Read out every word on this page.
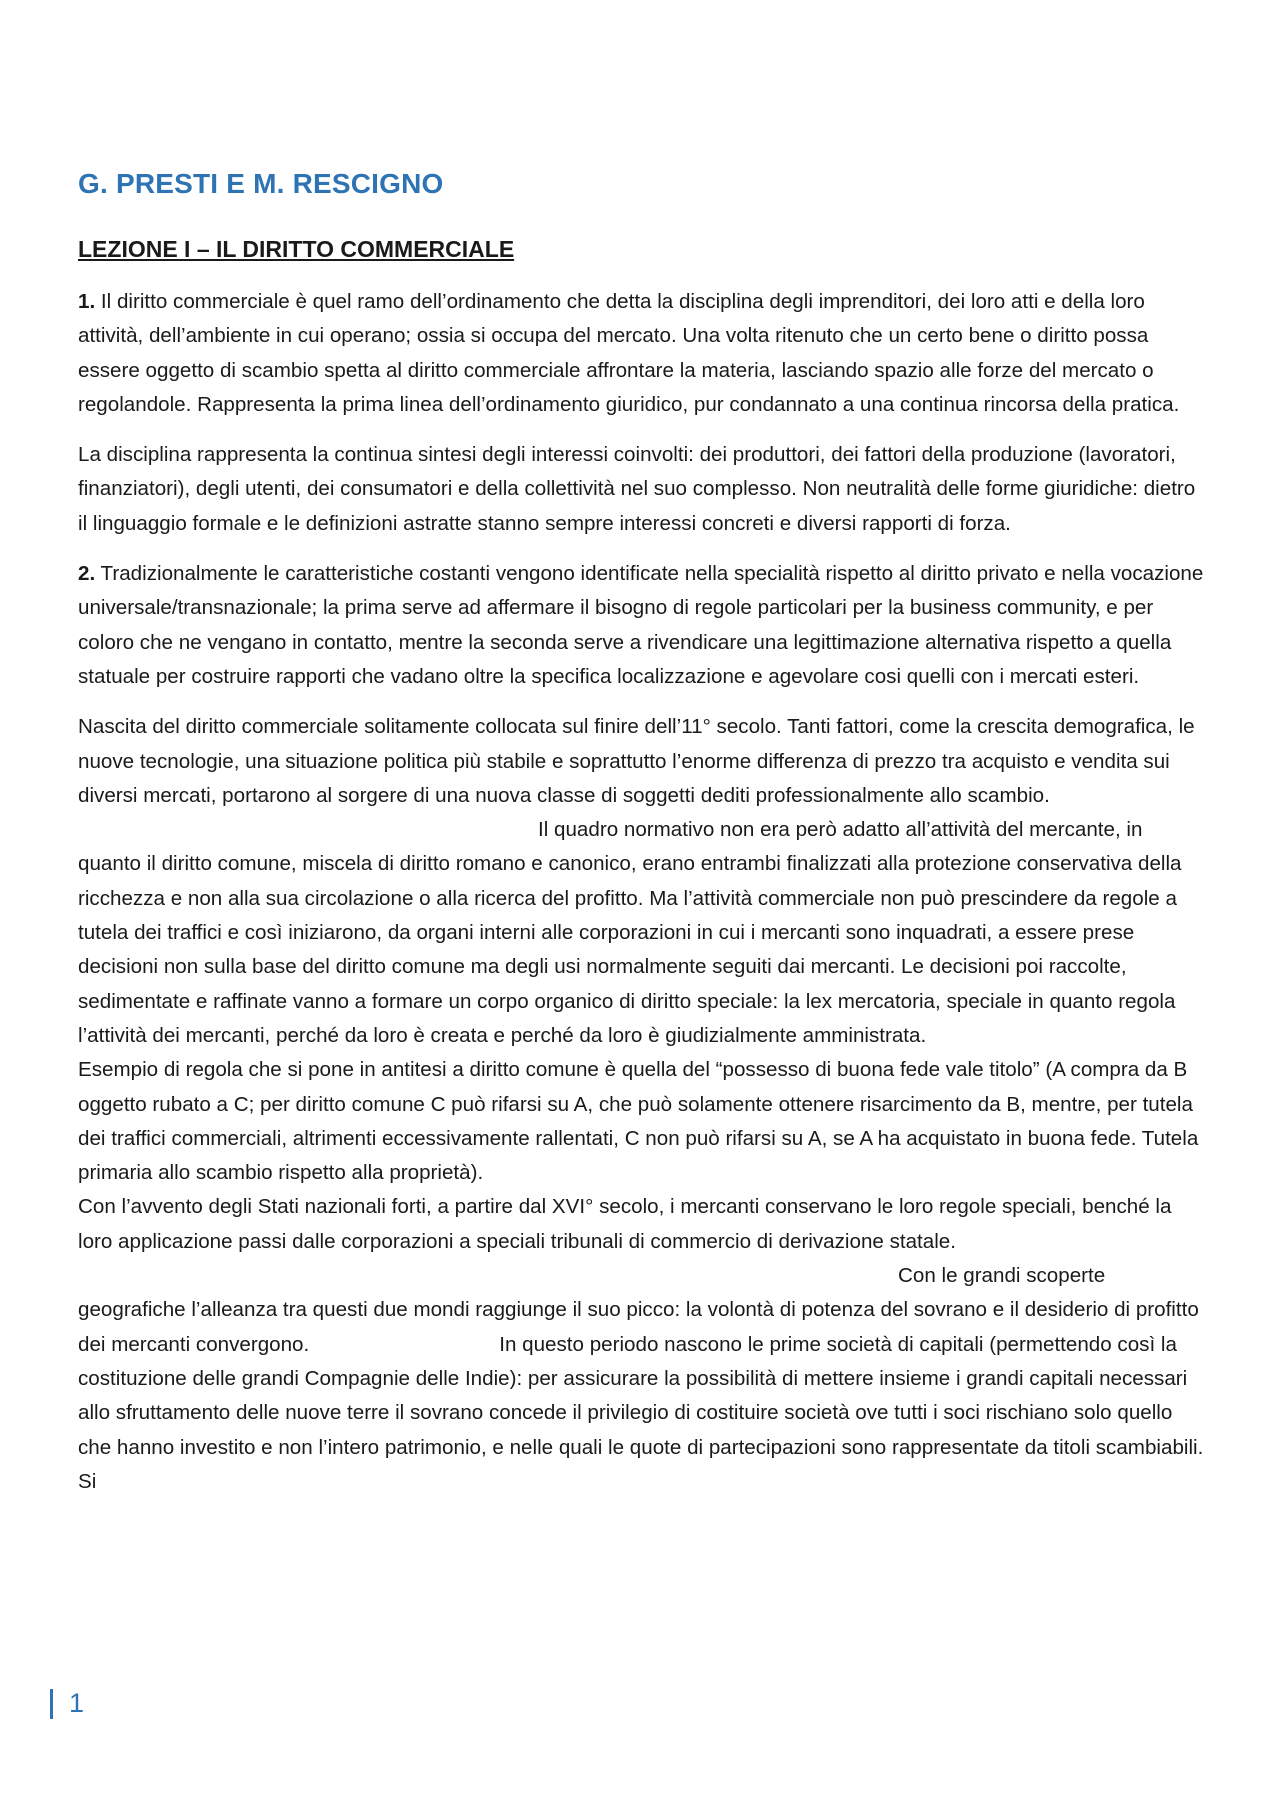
G. PRESTI E M. RESCIGNO
LEZIONE I – IL DIRITTO COMMERCIALE

1. Il diritto commerciale è quel ramo dell’ordinamento che detta la disciplina degli imprenditori, dei loro atti e della loro attività, dell’ambiente in cui operano; ossia si occupa del mercato. Una volta ritenuto che un certo bene o diritto possa essere oggetto di scambio spetta al diritto commerciale affrontare la materia, lasciando spazio alle forze del mercato o regolandole. Rappresenta la prima linea dell’ordinamento giuridico, pur condannato a una continua rincorsa della pratica.

La disciplina rappresenta la continua sintesi degli interessi coinvolti: dei produttori, dei fattori della produzione (lavoratori, finanziatori), degli utenti, dei consumatori e della collettività nel suo complesso. Non neutralità delle forme giuridiche: dietro il linguaggio formale e le definizioni astratte stanno sempre interessi concreti e diversi rapporti di forza.

2. Tradizionalmente le caratteristiche costanti vengono identificate nella specialità rispetto al diritto privato e nella vocazione universale/transnazionale; la prima serve ad affermare il bisogno di regole particolari per la business community, e per coloro che ne vengano in contatto, mentre la seconda serve a rivendicare una legittimazione alternativa rispetto a quella statuale per costruire rapporti che vadano oltre la specifica localizzazione e agevolare cosi quelli con i mercati esteri.

Nascita del diritto commerciale solitamente collocata sul finire dell’11° secolo. Tanti fattori, come la crescita demografica, le nuove tecnologie, una situazione politica più stabile e soprattutto l’enorme differenza di prezzo tra acquisto e vendita sui diversi mercati, portarono al sorgere di una nuova classe di soggetti dediti professionalmente allo scambio.Il quadro normativo non era però adatto all’attività del mercante, in quanto il diritto comune, miscela di diritto romano e canonico, erano entrambi finalizzati alla protezione conservativa della ricchezza e non alla sua circolazione o alla ricerca del profitto. Ma l’attività commerciale non può prescindere da regole a tutela dei traffici e così iniziarono, da organi interni alle corporazioni in cui i mercanti sono inquadrati, a essere prese decisioni non sulla base del diritto comune ma degli usi normalmente seguiti dai mercanti. Le decisioni poi raccolte, sedimentate e raffinate vanno a formare un corpo organico di diritto speciale: la lex mercatoria, speciale in quanto regola l’attività dei mercanti, perché da loro è creata e perché da loro è giudizialmente amministrata.Esempio di regola che si pone in antitesi a diritto comune è quella del “possesso di buona fede vale titolo” (A compra da B oggetto rubato a C; per diritto comune C può rifarsi su A, che può solamente ottenere risarcimento da B, mentre, per tutela dei traffici commerciali, altrimenti eccessivamente rallentati, C non può rifarsi su A, se A ha acquistato in buona fede. Tutela primaria allo scambio rispetto alla proprietà).

Con l’avvento degli Stati nazionali forti, a partire dal XVI° secolo, i mercanti conservano le loro regole speciali, benché la loro applicazione passi dalle corporazioni a speciali tribunali di commercio di derivazione statale.Con le grandi scoperte geografiche l’alleanza tra questi due mondi raggiunge il suo picco: la volontà di potenza del sovrano e il desiderio di profitto dei mercanti convergono.	In questo periodo nascono le prime società di capitali (permettendo così la costituzione delle grandi Compagnie delle Indie): per assicurare la possibilità di mettere insieme i grandi capitali necessari allo sfruttamento delle nuove terre il sovrano concede il privilegio di costituire società ove tutti i soci rischiano solo quello che hanno investito e non l’intero patrimonio, e nelle quali le quote di partecipazioni sono rappresentate da titoli scambiabili. Si

1
